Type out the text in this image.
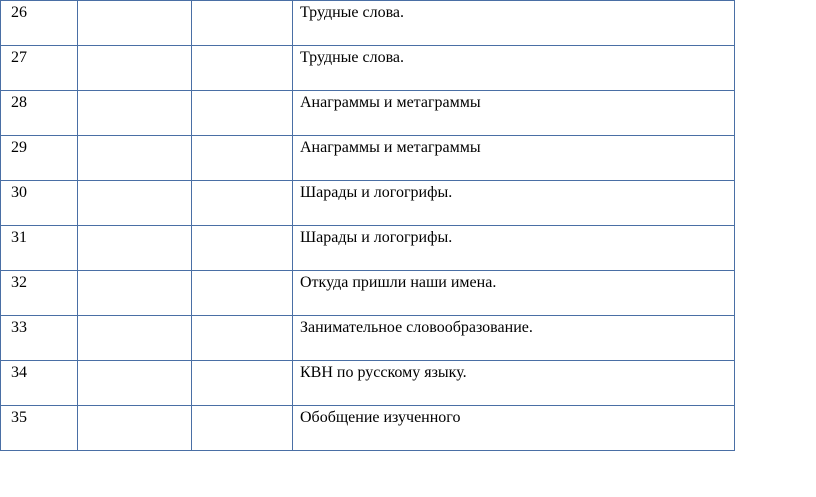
26			Трудные слова.

27			Трудные слова.

28			Анаграммы и метаграммы

29			Анаграммы и метаграммы

30			Шарады и логогрифы.

31			Шарады и логогрифы.

32			Откуда пришли наши имена.

33			Занимательное словообразование.

34			КВН по русскому языку.

35			Обобщение изученного
